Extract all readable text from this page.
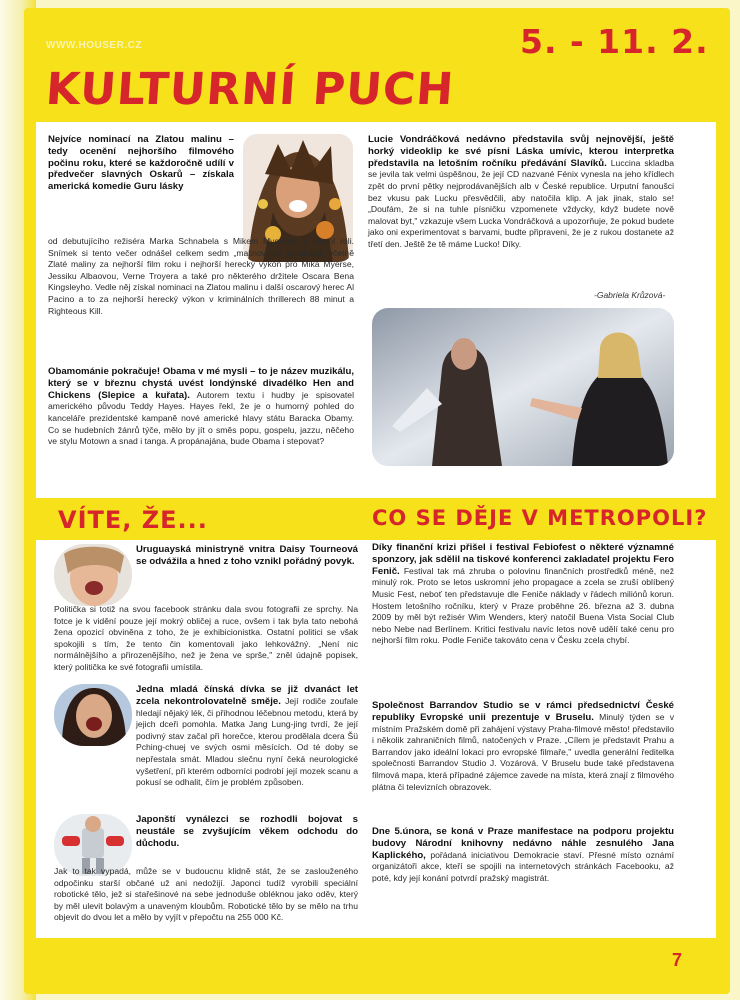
WWW.HOUSER.CZ	5. - 11. 2.
KULTURNÍ PUCH
Nejvíce nominací na Zlatou malinu – tedy ocenění nejhoršího filmového počinu roku, které se každoročně udílí v předvečer slavných Oskarů – získala americká komedie Guru lásky
od debutujícího režiséra Marka Schnabela s Mikem Myersem v hlavní roli. Snímek si tento večer odnášel celkem sedm „malinových" nominací, včetně Zlaté maliny za nejhorší film roku i nejhorší herecký výkon pro Mika Myerse, Jessiku Albaovou, Verne Troyera a také pro některého držitele Oscara Bena Kingsleyho. Vedle něj získal nominaci na Zlatou malinu i další oscarový herec Al Pacino a to za nejhorší herecký výkon v kriminálních thrillerech 88 minut a Righteous Kill.
Obamománie pokračuje! Obama v mé mysli – to je název muzikálu, který se v březnu chystá uvést londýnské divadélko Hen and Chickens (Slepice a kuřata). Autorem textu i hudby je spisovatel amerického původu Teddy Hayes. Hayes řekl, že je o humorný pohled do kanceláře prezidentské kampaně nové americké hlavy státu Baracka Obamy. Co se hudebních žánrů týče, mělo by jít o směs popu, gospelu, jazzu, něčeho ve stylu Motown a snad i tanga. A propánajána, bude Obama i stepovat?
Lucie Vondráčková nedávno představila svůj nejnovější, ještě horký videoklip ke své písni Láska umívic, kterou interpretka představila na letošním ročníku předávání Slavíků. Luccina skladba se jevila tak velmi úspěšnou, že její CD nazvané Fénix vynesla na jeho křídlech zpět do první pětky nejprodávanějších alb v České republice. Urputní fanoušci bez vkusu pak Lucku přesvědčili, aby natočila klip. A jak jinak, stalo se! „Doufám, že si na tuhle písničku vzpomenete vždycky, když budete nově malovat byt," vzkazuje všem Lucka Vondráčková a upozorňuje, že pokud budete jako oni experimentovat s barvami, budte připraveni, že je z rukou dostanete až třetí den. Ještě že tě máme Lucko! Díky.
-Gabriela Krůzová-
VÍTE, ŽE...	CO SE DĚJE V METROPOLI?
Uruguayská ministryně vnitra Daisy Tourneová se odvážila a hned z toho vznikl pořádný povyk.
Politička si totiž na svou facebook stránku dala svou fotografii ze sprchy. Na fotce je k vidění pouze její mokrý obličej a ruce, ovšem i tak byla tato nebohá žena opozicí obviněna z toho, že je exhibicionistka. Ostatní politici se však spokojili s tím, že tento čin komentovali jako lehkovážný. „Není nic normálnějšího a přirozenějšího, než je žena ve sprše," zněl údajně popisek, který politička ke své fotografii umístila.
Jedna mladá čínská dívka se již dvanáct let zcela nekontrolovatelně směje. Její rodiče zoufale hledají nějaký lék, či přihodnou léčebnou metodu, která by jejich dceři pomohla. Matka Jang Lung-jing tvrdí, že její podivný stav začal při horečce, kterou prodělala dcera Šü Pching-chuej ve svých osmi měsících. Od té doby se nepřestala smát. Mladou slečnu nyní čeká neurologické vyšetření, při kterém odborníci podrobí její mozek scanu a pokusí se odhalit, čím je problém způsoben.
Japonští vynálezci se rozhodli bojovat s neustále se zvyšujícím věkem odchodu do důchodu.
Jak to tak vypadá, může se v budoucnu klidně stát, že se zaslouženého odpočinku starší občané už ani nedožijí. Japonci tudíž vyrobili speciální robotické tělo, jež si stařešinové na sebe jednoduše obléknou jako oděv, který by měl ulevit bolavým a unaveným kloubům. Robotické tělo by se mělo na trhu objevit do dvou let a mělo by vyjít v přepočtu na 255 000 Kč.
Díky finanční krizi přišel i festival Febiofest o některé významné sponzory, jak sdělil na tiskové konferenci zakladatel projektu Fero Fenič. Festival tak má zhruba o polovinu finančních prostředků méně, než minulý rok. Proto se letos uskromní jeho propagace a zcela se zruší oblíbený Music Fest, neboť ten představuje dle Feniče náklady v řádech miliónů korun. Hostem letošního ročníku, který v Praze proběhne 26. března až 3. dubna 2009 by měl být režisér Wim Wenders, který natočil Buena Vista Social Club nebo Nebe nad Berlínem. Kritici festivalu navíc letos nově udělí také cenu pro nejhorší film roku. Podle Feniče takováto cena v Česku zcela chybí.
Společnost Barrandov Studio se v rámci předsednictví České republiky Evropské unii prezentuje v Bruselu. Minulý týden se v místním Pražském domě při zahájení výstavy Praha-filmové město! představilo i několik zahraničních filmů, natočených v Praze. „Cílem je představit Prahu a Barrandov jako ideální lokaci pro evropské filmaře," uvedla generální ředitelka společnosti Barrandov Studio J. Vozárová. V Bruselu bude také představena filmová mapa, která případné zájemce zavede na místa, která znají z filmového plátna či televizních obrazovek.
Dne 5.února, se koná v Praze manifestace na podporu projektu budovy Národní knihovny nedávno náhle zesnulého Jana Kaplického, pořádaná iniciativou Demokracie staví. Přesné místo oznámí organizátoři akce, kteří se spojili na internetových stránkách Facebooku, až poté, kdy její konání potvrdí pražský magistrát.
7
